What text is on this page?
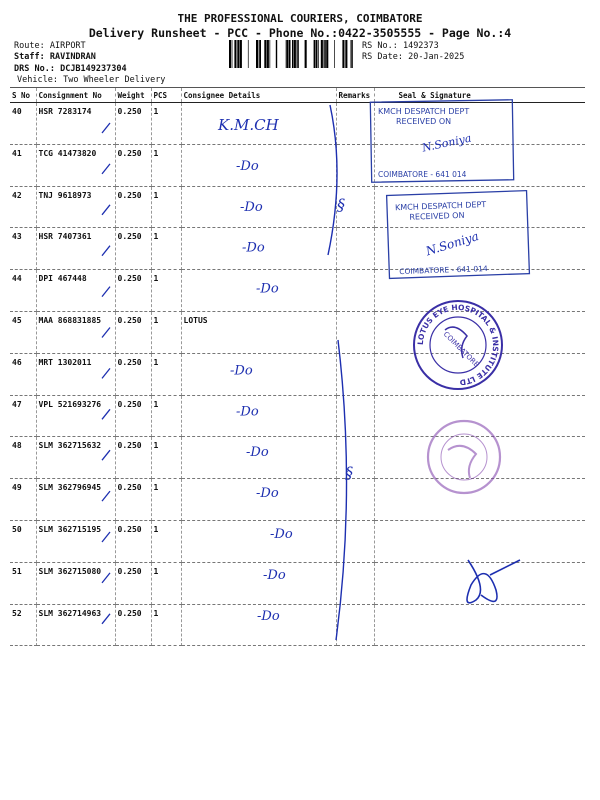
THE PROFESSIONAL COURIERS, COIMBATORE
Delivery Runsheet - PCC - Phone No.:0422-3505555 - Page No.:4
Route: AIRPORT
Staff: RAVINDRAN
DRS No.: DCJB149237304
Vehicle: Two Wheeler Delivery
RS No.: 1492373
RS Date: 20-Jan-2025
S No	Consignment No	Weight	PCS	Consignee Details	Remarks	Seal & Signature
40	HSR 7283174	0.250	1			
41	TCG 41473820	0.250	1			
42	TNJ 9618973	0.250	1			
43	HSR 7407361	0.250	1			
44	DPI 467448	0.250	1			
45	MAA 868831885	0.250	1	LOTUS		
46	MRT 1302011	0.250	1			
47	VPL 521693276	0.250	1			
48	SLM 362715632	0.250	1			
49	SLM 362796945	0.250	1			
50	SLM 362715195	0.250	1			
51	SLM 362715080	0.250	1			
52	SLM 362714963	0.250	1			
KMCH DESPATCH DEPT
RECEIVED ON
COIMBATORE - 641 014
N.Soniya
KMCH DESPATCH DEPT
RECEIVED ON
COIMBATORE - 641 014
N.Soniya
LOTUS EYE HOSPITAL & INSTITUTE LTD
COIMBATORE
K.M.CH
-Do
-Do
-Do
-Do
-Do
-Do
-Do
-Do
-Do
-Do
-Do
§
§
